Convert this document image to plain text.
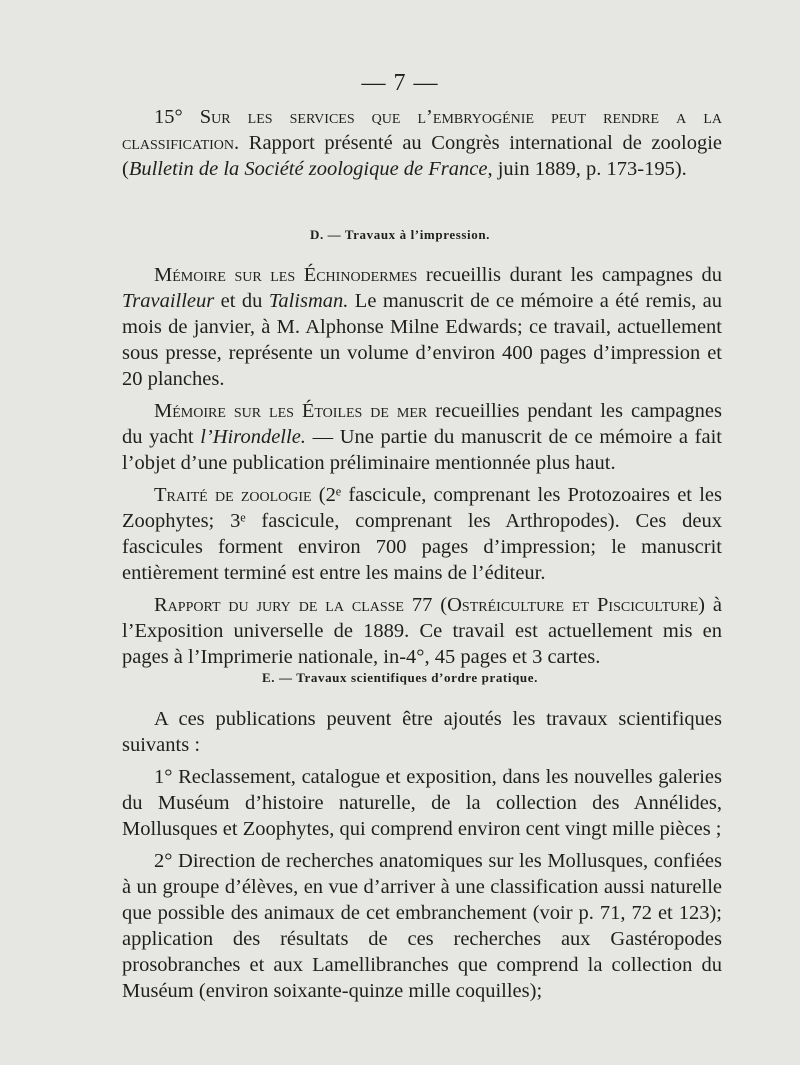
— 7 —

15° Sur les services que l’embryogénie peut rendre a la classification. Rapport présenté au Congrès international de zoologie (Bulletin de la Société zoologique de France, juin 1889, p. 173-195).

D. — Travaux à l’impression.

Mémoire sur les Échinodermes recueillis durant les campagnes du Travailleur et du Talisman. Le manuscrit de ce mémoire a été remis, au mois de janvier, à M. Alphonse Milne Edwards; ce travail, actuellement sous presse, représente un volume d’environ 400 pages d’impression et 20 planches.

Mémoire sur les Étoiles de mer recueillies pendant les campagnes du yacht l’Hirondelle. — Une partie du manuscrit de ce mémoire a fait l’objet d’une publication préliminaire mentionnée plus haut.

Traité de zoologie (2ᵉ fascicule, comprenant les Protozoaires et les Zoophytes; 3ᵉ fascicule, comprenant les Arthropodes). Ces deux fascicules forment environ 700 pages d’impression; le manuscrit entièrement terminé est entre les mains de l’éditeur.

Rapport du jury de la classe 77 (Ostréiculture et Pisciculture) à l’Exposition universelle de 1889. Ce travail est actuellement mis en pages à l’Imprimerie nationale, in-4°, 45 pages et 3 cartes.

E. — Travaux scientifiques d’ordre pratique.

A ces publications peuvent être ajoutés les travaux scientifiques suivants :

1° Reclassement, catalogue et exposition, dans les nouvelles galeries du Muséum d’histoire naturelle, de la collection des Annélides, Mollusques et Zoophytes, qui comprend environ cent vingt mille pièces ;

2° Direction de recherches anatomiques sur les Mollusques, confiées à un groupe d’élèves, en vue d’arriver à une classification aussi naturelle que possible des animaux de cet embranchement (voir p. 71, 72 et 123); application des résultats de ces recherches aux Gastéropodes prosobranches et aux Lamellibranches que comprend la collection du Muséum (environ soixante-quinze mille coquilles);
